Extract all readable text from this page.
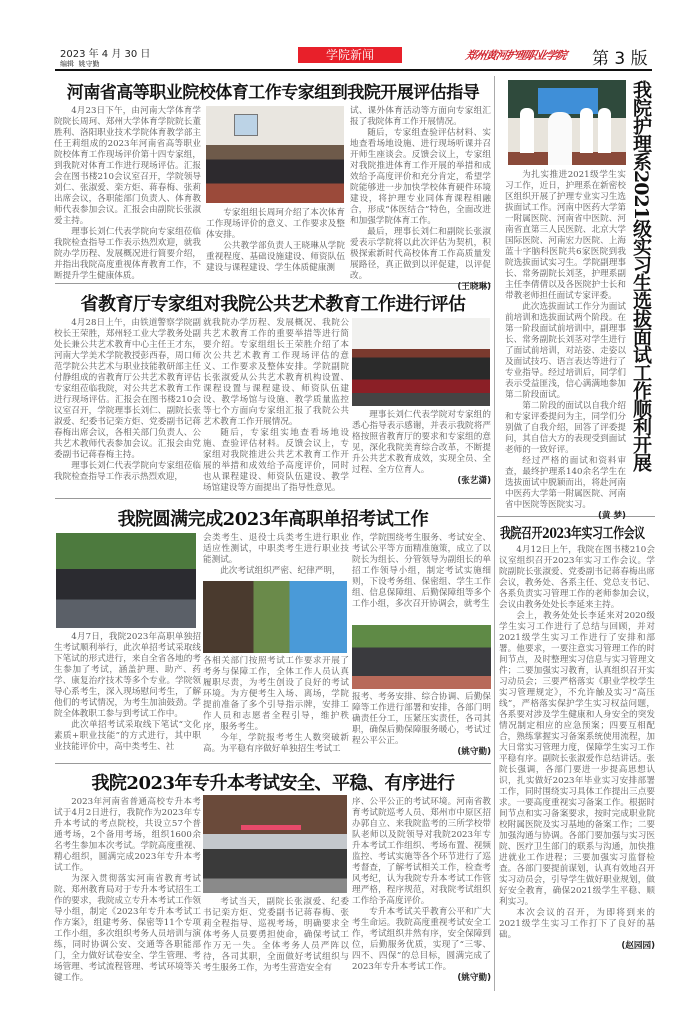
2023 年 4 月 30 日
编辑  姚守勤
学院新闻	郑州黄河护理职业学院 第 3 版
河南省高等职业院校体育工作专家组到我院开展评估指导

4月23日下午，由河南大学体育学院院长周珂、郑州大学体育学院院长董胜利、洛阳职业技术学院体育教学部主任王莉组成的2023年河南省高等职业院校体育工作现场评价第十四专家组，到我院对体育工作进行现场评估。汇报会在图书楼210会议室召开，学院领导刘仁、张淑爱、栾方炬、蒋春梅、张莉出席会议，各职能部门负责人、体育教师代表参加会议。汇报会由副院长张淑爱主持。

理事长刘仁代表学院向专家组莅临我院检查指导工作表示热烈欢迎，就我院办学历程、发展概况进行简要介绍，并指出我院高度重视体育教育工作，不断提升学生健康体质。

专家组组长周珂介绍了本次体育工作现场评价的意义、工作要求及整体安排。

公共教学部负责人王晓琳从学院重视程度、基础设施建设、师资队伍建设与课程建设、学生体质健康测

试、课外体育活动等方面向专家组汇报了我院体育工作开展情况。

随后，专家组查验评估材料、实地查看场地设施、进行现场听课并召开师生座谈会。反馈会议上，专家组对我院推进体育工作开展的举措和成效给予高度评价和充分肯定，希望学院能够进一步加快学校体育硬件环境建设，将护理专业同体育课程相融合，形成“体医结合”特色，全面改进和加强学院体育工作。

最后，理事长刘仁和副院长张淑爱表示学院将以此次评估为契机，积极探索新时代高校体育工作高质量发展路径，真正做到以评促建，以评促改。

(王晓琳)	我院护理系2021级实习生选拔面试工作顺利开展

为扎实推进2021级学生实习工作，近日，护理系在新密校区组织开展了护理专业实习生选拔面试工作。河南中医药大学第一附属医院、河南省中医院、河南省直第三人民医院、北京大学国际医院、河南宏力医院、上海蓝十字脑科医院共6家医院到我院选拔面试实习生。学院副理事长、常务副院长刘茎，护理系副主任李倩倩以及各医院护士长和带教老师担任面试专家评委。

此次选拔面试工作分为面试前培训和选拔面试两个阶段。在第一阶段面试前培训中，副理事长、常务副院长刘茎对学生进行了面试前培训，对站姿、走姿以及面试技巧、语言表达等进行了专业指导。经过培训后，同学们表示受益匪浅，信心满满地参加第二阶段面试。

第二阶段的面试以自我介绍和专家评委提问为主，同学们分别做了自我介绍，回答了评委提问，其自信大方的表现受到面试老师的一致好评。

经过严格的面试和资料审查，最终护理系140余名学生在选拔面试中脱颖而出，将赴河南中医药大学第一附属医院、河南省中医院等医院实习。

(黄 梦)
省教育厅专家组对我院公共艺术教育工作进行评估

4月28日上午，由铁道警察学院副校长王荣胜，郑州轻工业大学教务处副处长兼公共艺术教育中心主任王才东，河南大学美术学院教授彭西春，周口师范学院公共艺术与职业技能教研部主任付静组成的省教育厅公共艺术教育评估专家组莅临我院，对公共艺术教育工作进行现场评估。汇报会在图书楼210会议室召开，学院理事长刘仁、副院长张淑爱、纪委书记栾方炬、党委副书记蒋春梅出席会议，各相关部门负责人、公共艺术教师代表参加会议。汇报会由党委副书记蒋春梅主持。

理事长刘仁代表学院向专家组莅临我院检查指导工作表示热烈欢迎，

就我院办学历程、发展概况、我院公共艺术教育工作的重要举措等进行简要介绍。专家组组长王荣胜介绍了本次公共艺术教育工作现场评估的意义、工作要求及整体安排。学院副院长张淑爱从公共艺术教育机构设置、课程设置与课程建设、师资队伍建设、教学场馆与设施、教学质量监控等七个方面向专家组汇报了我院公共艺术教育工作开展情况。

随后，专家组实地查看场地设施、查验评估材料。反馈会议上，专家组对我院推进公共艺术教育工作开展的举措和成效给予高度评价，同时也从课程建设、师资队伍建设、教学场馆建设等方面提出了指导性意见。

理事长刘仁代表学院对专家组的悉心指导表示感谢，并表示我院将严格按照省教育厅的要求和专家组的意见，深化我院美育综合改革，不断提升公共艺术教育成效，实现全员、全过程、全方位育人。

(张艺潇)
我院圆满完成2023年高职单招考试工作

4月7日，我院2023年高职单独招生考试顺利举行，此次单招考试采取线下笔试的形式进行，来自全省各地的考生参加了考试，涵盖护理、助产、药学、康复治疗技术等多个专业。学院领导心系考生，深入现场慰问考生，了解他们的考试情况，为考生加油鼓劲。学院全体教职工参与到考试工作中。

此次单招考试采取线下笔试“文化素质+职业技能”的方式进行，其中职业技能评价中，高中类考生、社

会类考生、退役士兵类考生进行职业适应性测试，中职类考生进行职业技能测试。

此次考试组织严密、纪律严明，

各相关部门按照考试工作要求开展了考务与保障工作，全体工作人员认真履职尽责，为考生创设了良好的考试环境。为方便考生入场、离场，学院提前准备了多个引导指示牌，安排工作人员和志愿者全程引导，维护秩序，服务考生。

今年，学院报考考生人数突破新高。为平稳有序做好单独招生考试工

作，学院围绕考生服务、考试安全、考试公平等方面精准施策，成立了以院长为组长、分管领导为副组长的单招工作领导小组，制定考试实施细则，下设考务组、保密组、学生工作组、信息保障组、后勤保障组等多个工作小组，多次召开协调会，就考生

报考、考务安排、综合协调、后勤保障等工作进行部署和安排，各部门明确责任分工，压紧压实责任，各司其职，确保后勤保障服务暖心，考试过程公平公正。

(姚守勤)
我院召开2023年实习工作会议

4月12日上午，我院在图书楼210会议室组织召开2023年实习工作会议。学院副院长张淑爱、党委副书记蒋春梅出席会议，教务处、各系主任、党总支书记、各系负责实习管理工作的老师参加会议，会议由教务处处长李延来主持。

会上，教务处处长李延来对2020级学生实习工作进行了总结与回顾，并对2021级学生实习工作进行了安排和部署。他要求，一要注意实习管理工作的时间节点，及时整理实习信息与实习管理文件；二要加强实习教育，认真组织召开实习动员会；三要严格落实《职业学校学生实习管理规定》，不允许触及实习“高压线”，严格落实保护学生实习权益问题，各系要对涉及学生健康和人身安全的突发情况制定相应的应急预案；四要互相配合，熟练掌握实习备案系统使用流程，加大日常实习管理力度，保障学生实习工作平稳有序。副院长张淑爱作总结讲话。张院长强调，各部门要进一步提高思想认识，扎实做好2023年毕业实习安排部署工作，同时围绕实习具体工作提出三点要求。一要高度重视实习备案工作。根据时间节点和实习备案要求，按时完成职业院校附属医院及实习基地的备案工作；二要加强沟通与协调。各部门要加强与实习医院、医疗卫生部门的联系与沟通，加快推进就业工作进程；三要加强实习监督检查。各部门要提前谋划，认真有效地召开实习动员会，引导学生做好职业规划，做好安全教育，确保2021级学生平稳、顺利实习。

本次会议的召开，为即将到来的2021级学生实习工作打下了良好的基础。

(赵园园)
我院2023年专升本考试安全、平稳、有序进行

2023年河南省普通高校专升本考试于4月2日进行，我院作为2023年专升本考试的考点院校，共设立57个普通考场，2个备用考场，组织1600余名考生参加本次考试。学院高度重视、精心组织，圆满完成2023年专升本考试工作。

为深入贯彻落实河南省教育考试院、郑州教育局对于专升本考试招生工作的要求，我院成立专升本考试工作领导小组，制定《2023年专升本考试工作方案》，组建考务、保密等11个专项工作小组，多次组织考务人员培训与演练，同时协调公安、交通等各职能部门，全力做好试卷安全、学生管理、考场管理、考试流程管理、考试环境等关键工作。

考试当天，副院长张淑爱、纪委书记栾方炬、党委副书记蒋春梅、张莉全程指导、巡视考场，明确要求全体考务人员要勇担使命，确保考试工作万无一失。全体考务人员严阵以待，各司其职，全面做好考试组织与考生服务工作，为考生营造安全有

序、公平公正的考试环境。河南省教育考试院巡考人员、郑州市中原区招办郭自立、来我院监考的三所学校带队老师以及院领导对我院2023年专升本考试工作组织、考场布置、视频监控、考试实施等各个环节进行了巡考督查，了解考试相关工作，检查考风考纪，认为我院专升本考试工作管理严格，程序规范，对我院考试组织工作给予高度评价。

专升本考试关乎教育公平和广大考生命运。我院高度重视考试安全工作，考试组织井然有序，安全保障到位，后勤服务优质，实现了“三零、四不、四保”的总目标，圆满完成了2023年专升本考试工作。

(姚守勤)
